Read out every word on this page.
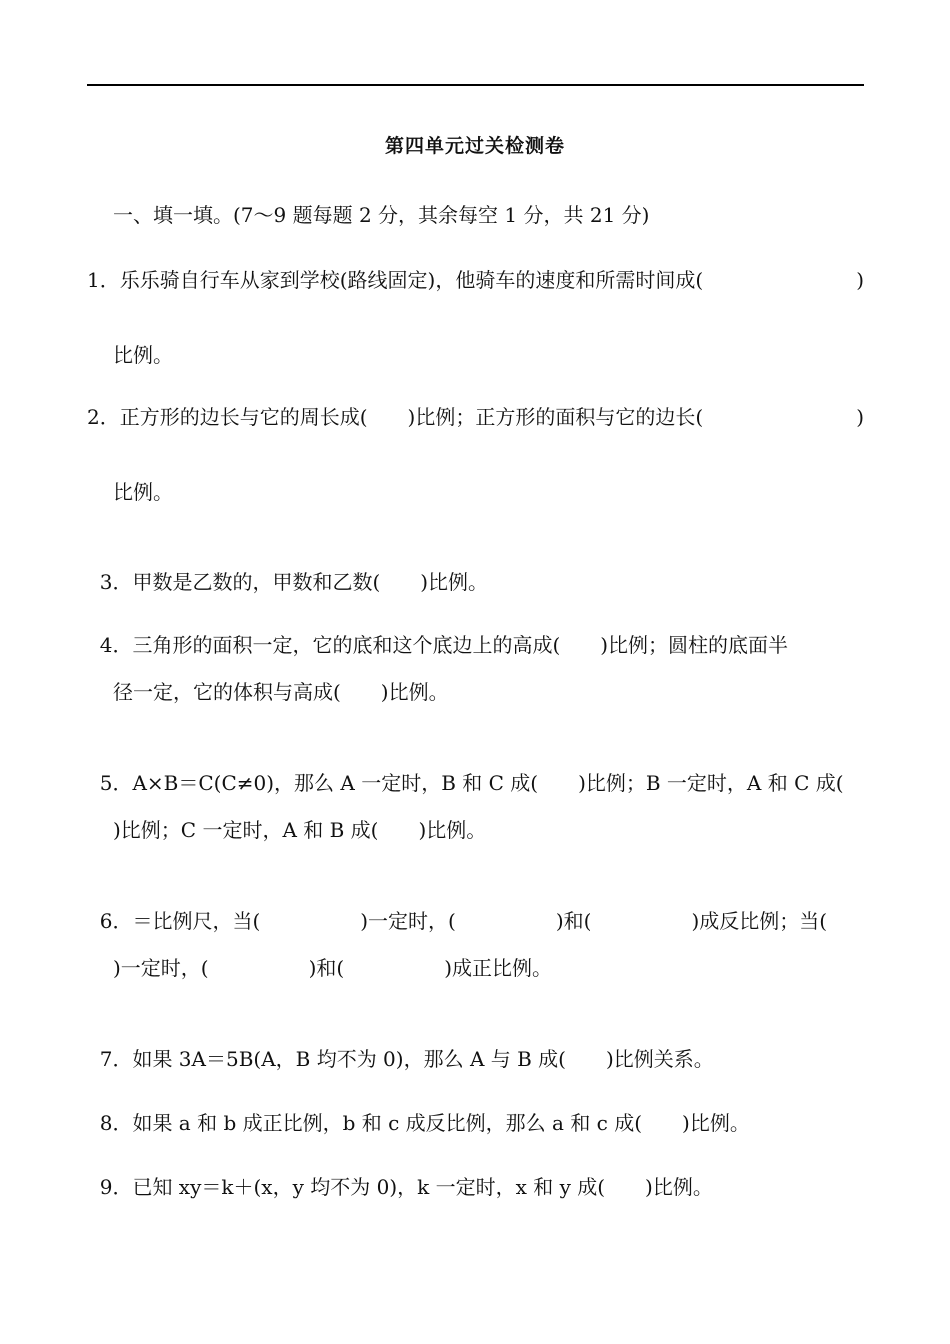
第四单元过关检测卷
一、填一填。(7～9 题每题 2 分，其余每空 1 分，共 21 分)
1．乐乐骑自行车从家到学校(路线固定)，他骑车的速度和所需时间成(	)
比例。
2．正方形的边长与它的周长成(　　)比例；正方形的面积与它的边长(	)
比例。

3．甲数是乙数的，甲数和乙数(　　)比例。

4．三角形的面积一定，它的底和这个底边上的高成(　　)比例；圆柱的底面半

径一定，它的体积与高成(　　)比例。

5．A×B＝C(C≠0)，那么 A 一定时，B 和 C 成(　　)比例；B 一定时，A 和 C 成(

)比例；C 一定时，A 和 B 成(　　)比例。

6．＝比例尺，当(　　　　　)一定时，(　　　　　)和(　　　　　)成反比例；当(

)一定时，(　　　　　)和(　　　　　)成正比例。

7．如果 3A＝5B(A，B 均不为 0)，那么 A 与 B 成(　　)比例关系。

8．如果 a 和 b 成正比例，b 和 c 成反比例，那么 a 和 c 成(　　)比例。

9．已知 xy＝k＋(x，y 均不为 0)，k 一定时，x 和 y 成(　　)比例。
